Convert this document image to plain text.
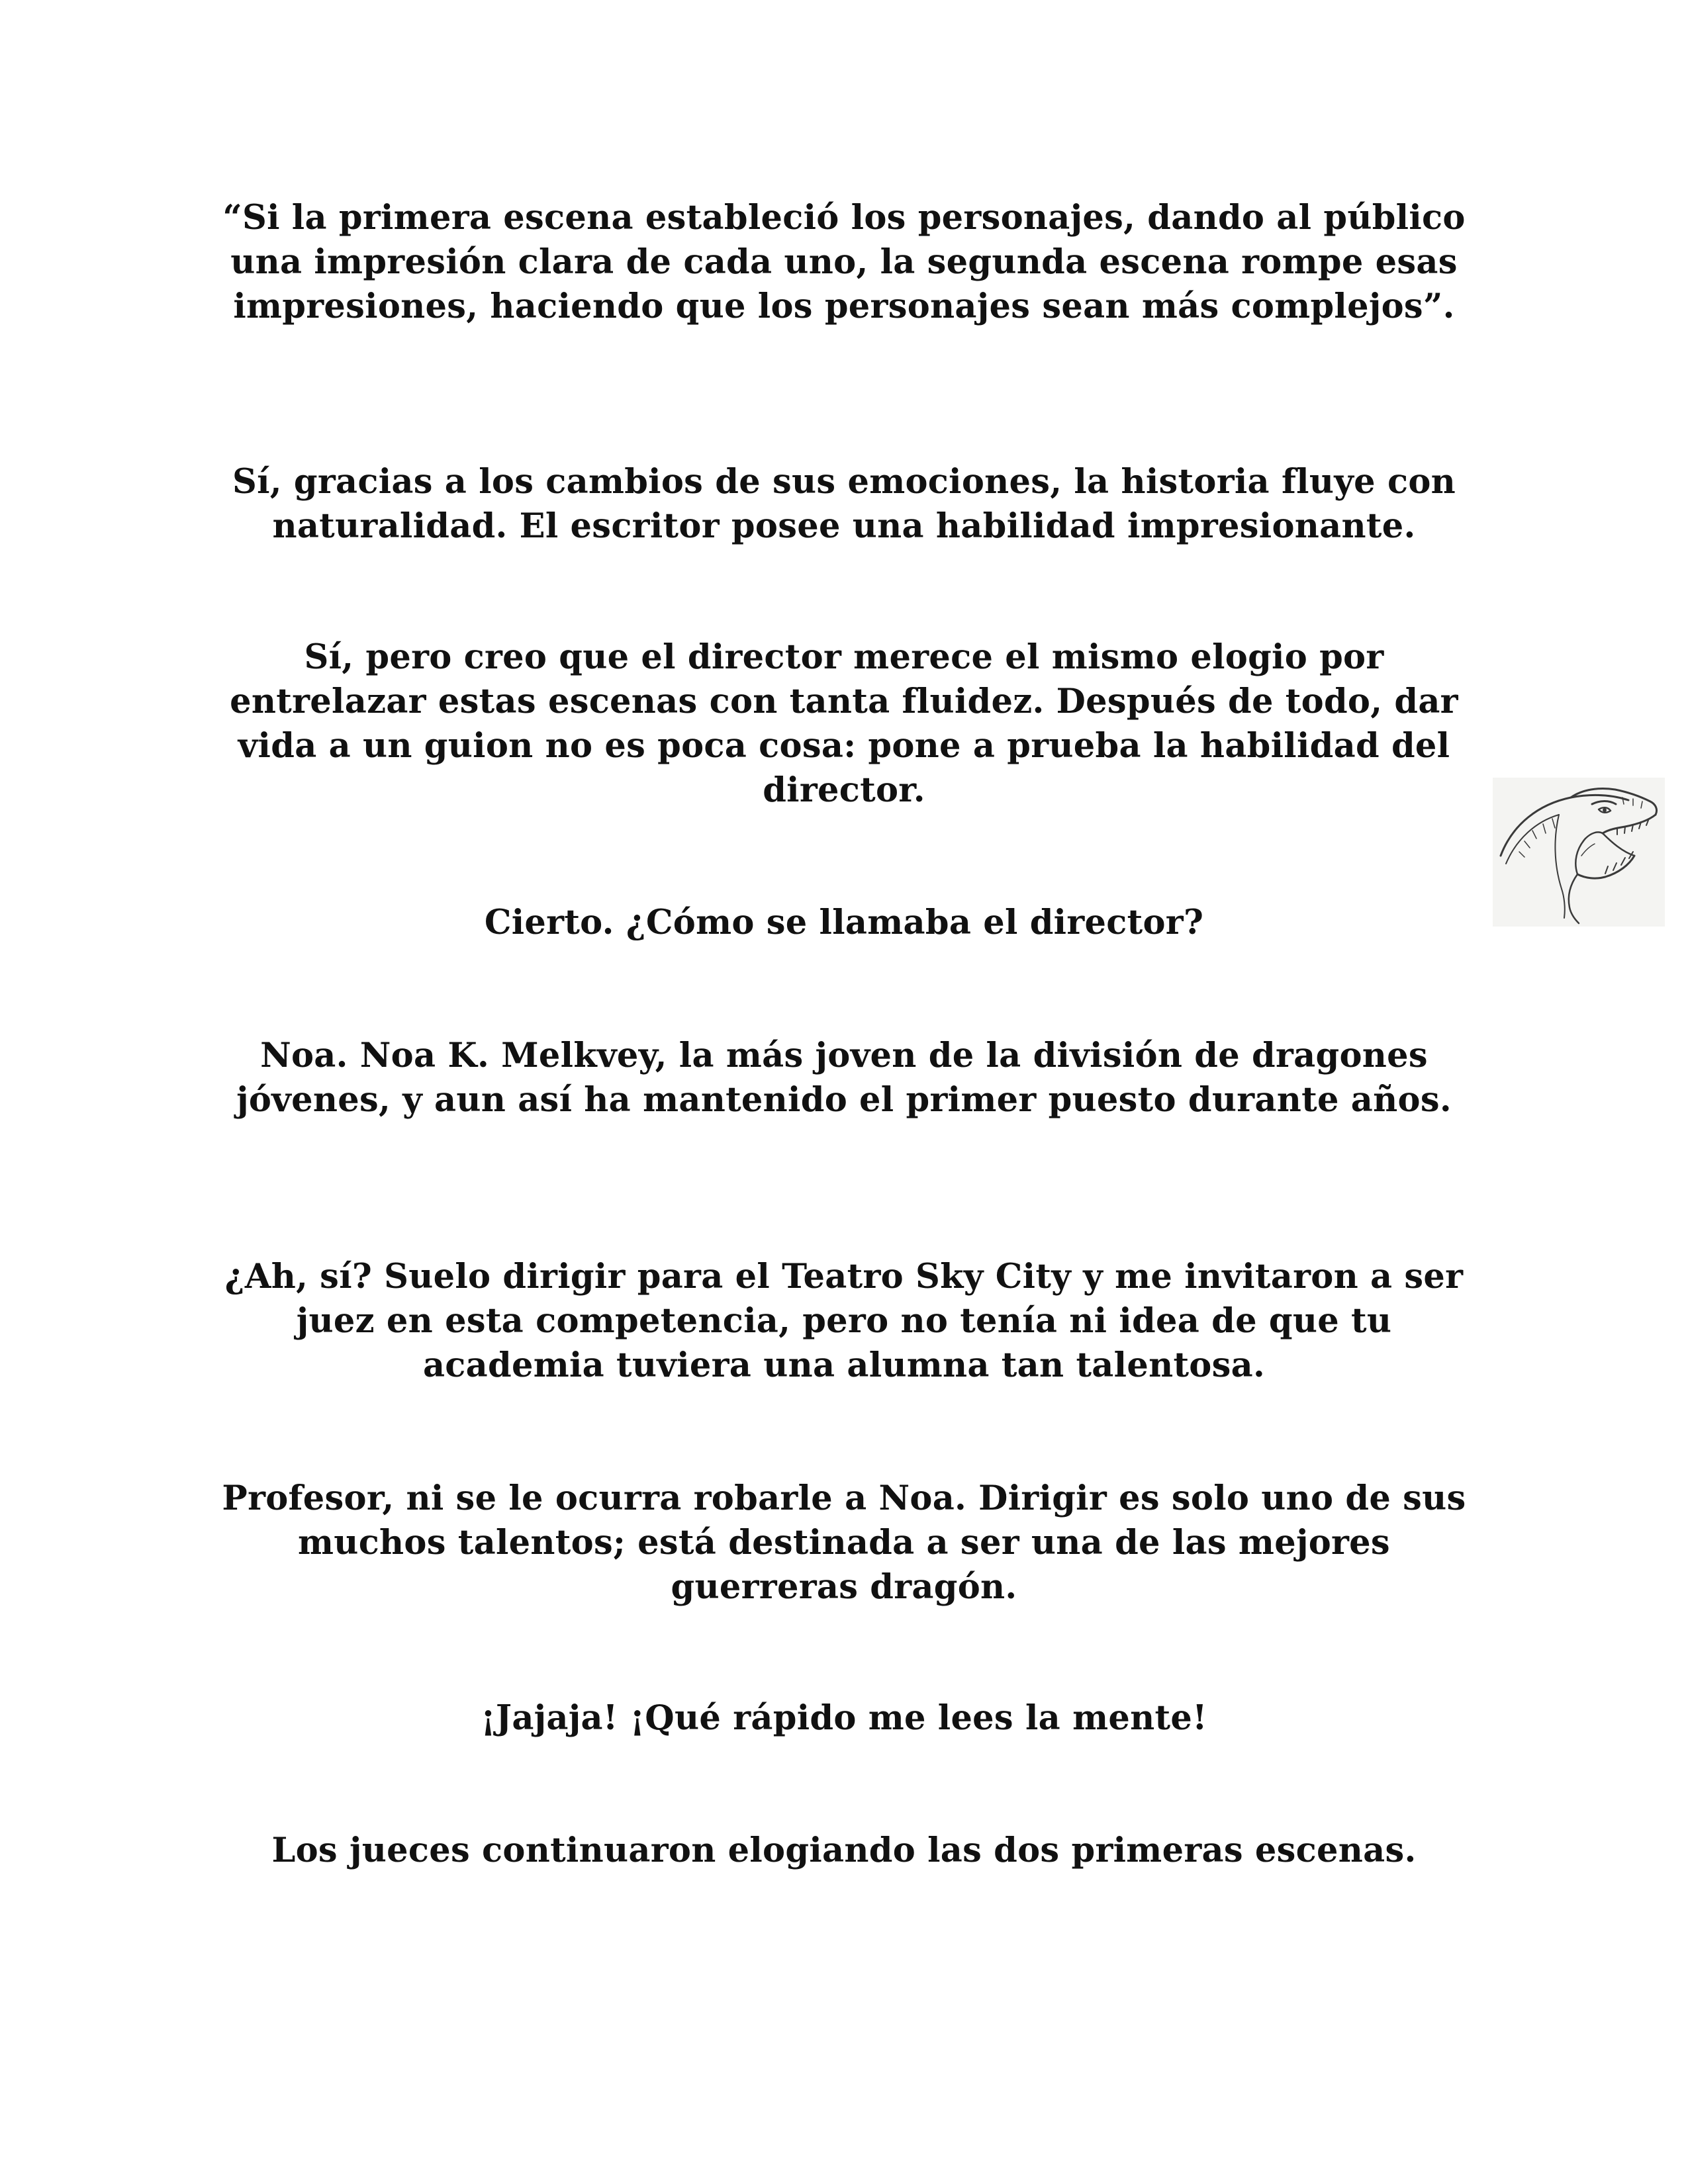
“Si la primera escena estableció los personajes, dando al público una impresión clara de cada uno, la segunda escena rompe esas impresiones, haciendo que los personajes sean más complejos”.

Sí, gracias a los cambios de sus emociones, la historia fluye con naturalidad. El escritor posee una habilidad impresionante.

Sí, pero creo que el director merece el mismo elogio por entrelazar estas escenas con tanta fluidez. Después de todo, dar vida a un guion no es poca cosa: pone a prueba la habilidad del director.

Cierto. ¿Cómo se llamaba el director?

Noa. Noa K. Melkvey, la más joven de la división de dragones jóvenes, y aun así ha mantenido el primer puesto durante años.

¿Ah, sí? Suelo dirigir para el Teatro Sky City y me invitaron a ser juez en esta competencia, pero no tenía ni idea de que tu academia tuviera una alumna tan talentosa.

Profesor, ni se le ocurra robarle a Noa. Dirigir es solo uno de sus muchos talentos; está destinada a ser una de las mejores guerreras dragón.

¡Jajaja! ¡Qué rápido me lees la mente!

Los jueces continuaron elogiando las dos primeras escenas.
